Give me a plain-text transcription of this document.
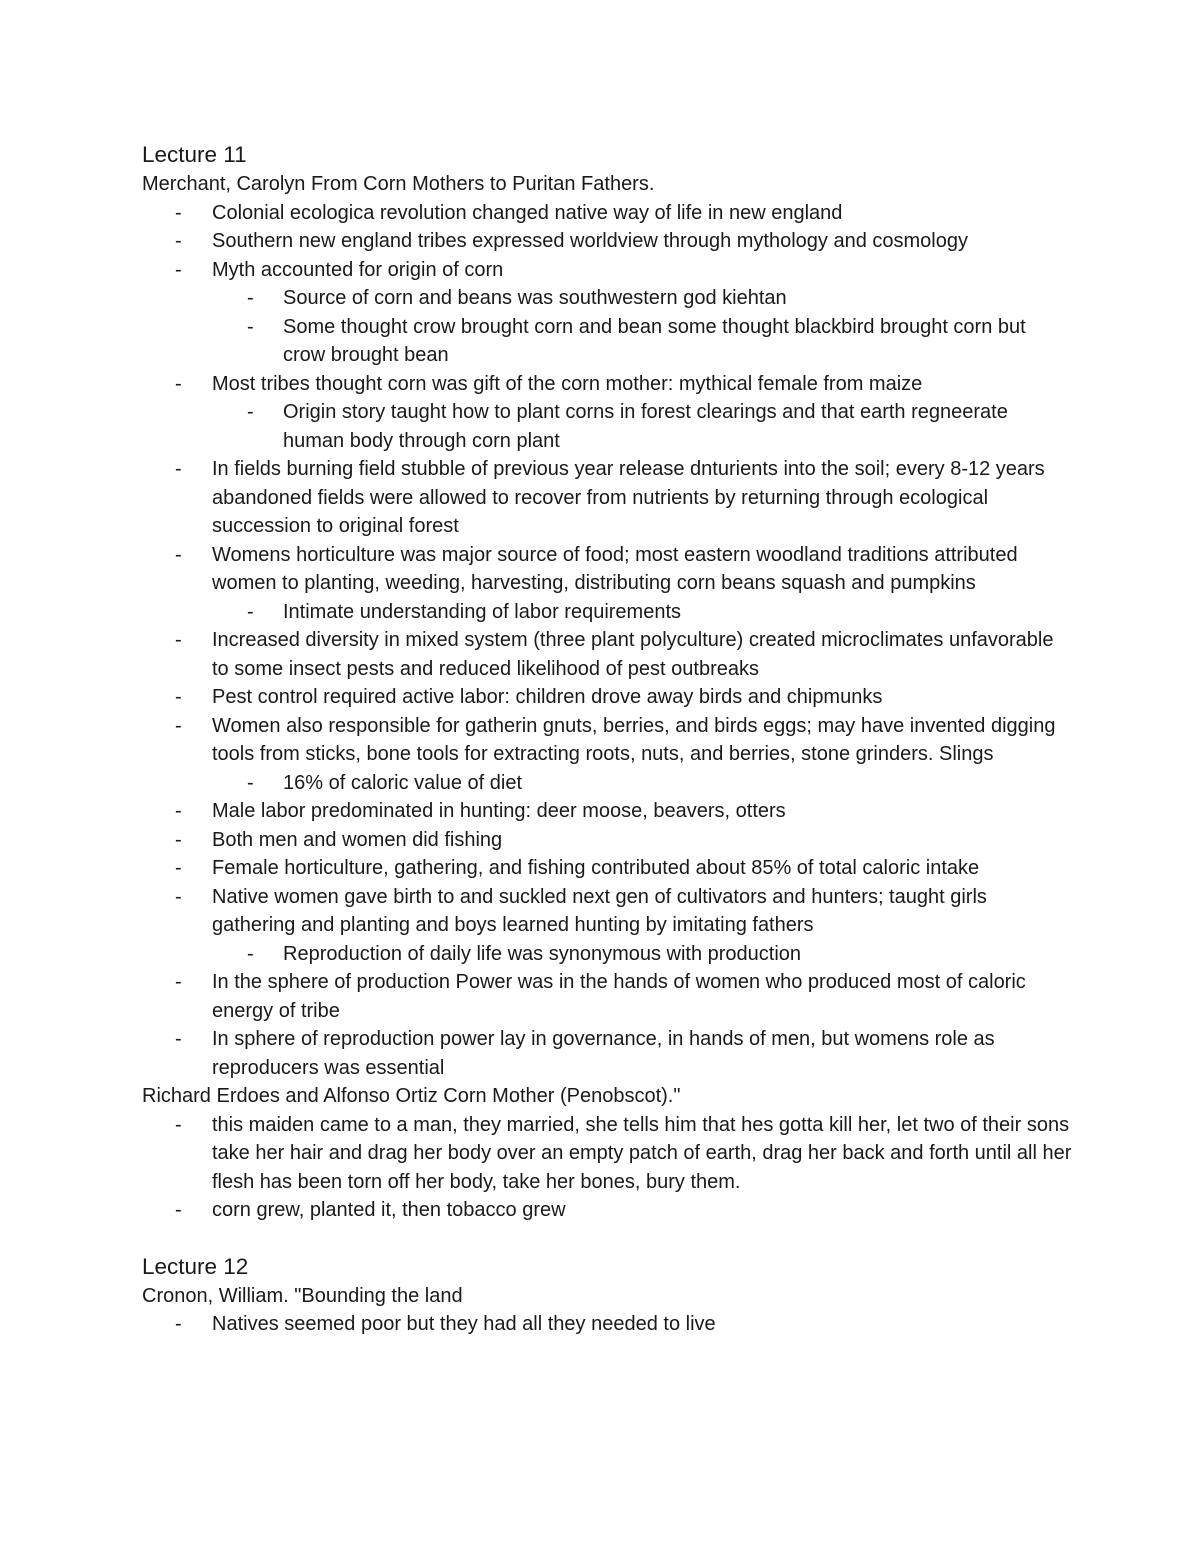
Lecture 11
Merchant, Carolyn From Corn Mothers to Puritan Fathers.
- Colonial ecologica revolution changed native way of life in new england
- Southern new england tribes expressed worldview through mythology and cosmology
- Myth accounted for origin of corn
- Source of corn and beans was southwestern god kiehtan
- Some thought crow brought corn and bean some thought blackbird brought corn but crow brought bean
- Most tribes thought corn was gift of the corn mother: mythical female from maize
- Origin story taught how to plant corns in forest clearings and that earth regneerate human body through corn plant
- In fields burning field stubble of previous year release dnturients into the soil; every 8-12 years abandoned fields were allowed to recover from nutrients by returning through ecological succession to original forest
- Womens horticulture was major source of food; most eastern woodland traditions attributed women to planting, weeding, harvesting, distributing corn beans squash and pumpkins
- Intimate understanding of labor requirements
- Increased diversity in mixed system (three plant polyculture) created microclimates unfavorable to some insect pests and reduced likelihood of pest outbreaks
- Pest control required active labor: children drove away birds and chipmunks
- Women also responsible for gatherin gnuts, berries, and birds eggs; may have invented digging tools from sticks, bone tools for extracting roots, nuts, and berries, stone grinders. Slings
- 16% of caloric value of diet
- Male labor predominated in hunting: deer moose, beavers, otters
- Both men and women did fishing
- Female horticulture, gathering, and fishing contributed about 85% of total caloric intake
- Native women gave birth to and suckled next gen of cultivators and hunters; taught girls gathering and planting and boys learned hunting by imitating fathers
- Reproduction of daily life was synonymous with production
- In the sphere of production Power was in the hands of women who produced most of caloric energy of tribe
- In sphere of reproduction power lay in governance, in hands of men, but womens role as reproducers was essential
Richard Erdoes and Alfonso Ortiz Corn Mother (Penobscot)."
- this maiden came to a man, they married, she tells him that hes gotta kill her, let two of their sons take her hair and drag her body over an empty patch of earth, drag her back and forth until all her flesh has been torn off her body, take her bones, bury them.
- corn grew, planted it, then tobacco grew
Lecture 12
Cronon, William. "Bounding the land
- Natives seemed poor but they had all they needed to live
